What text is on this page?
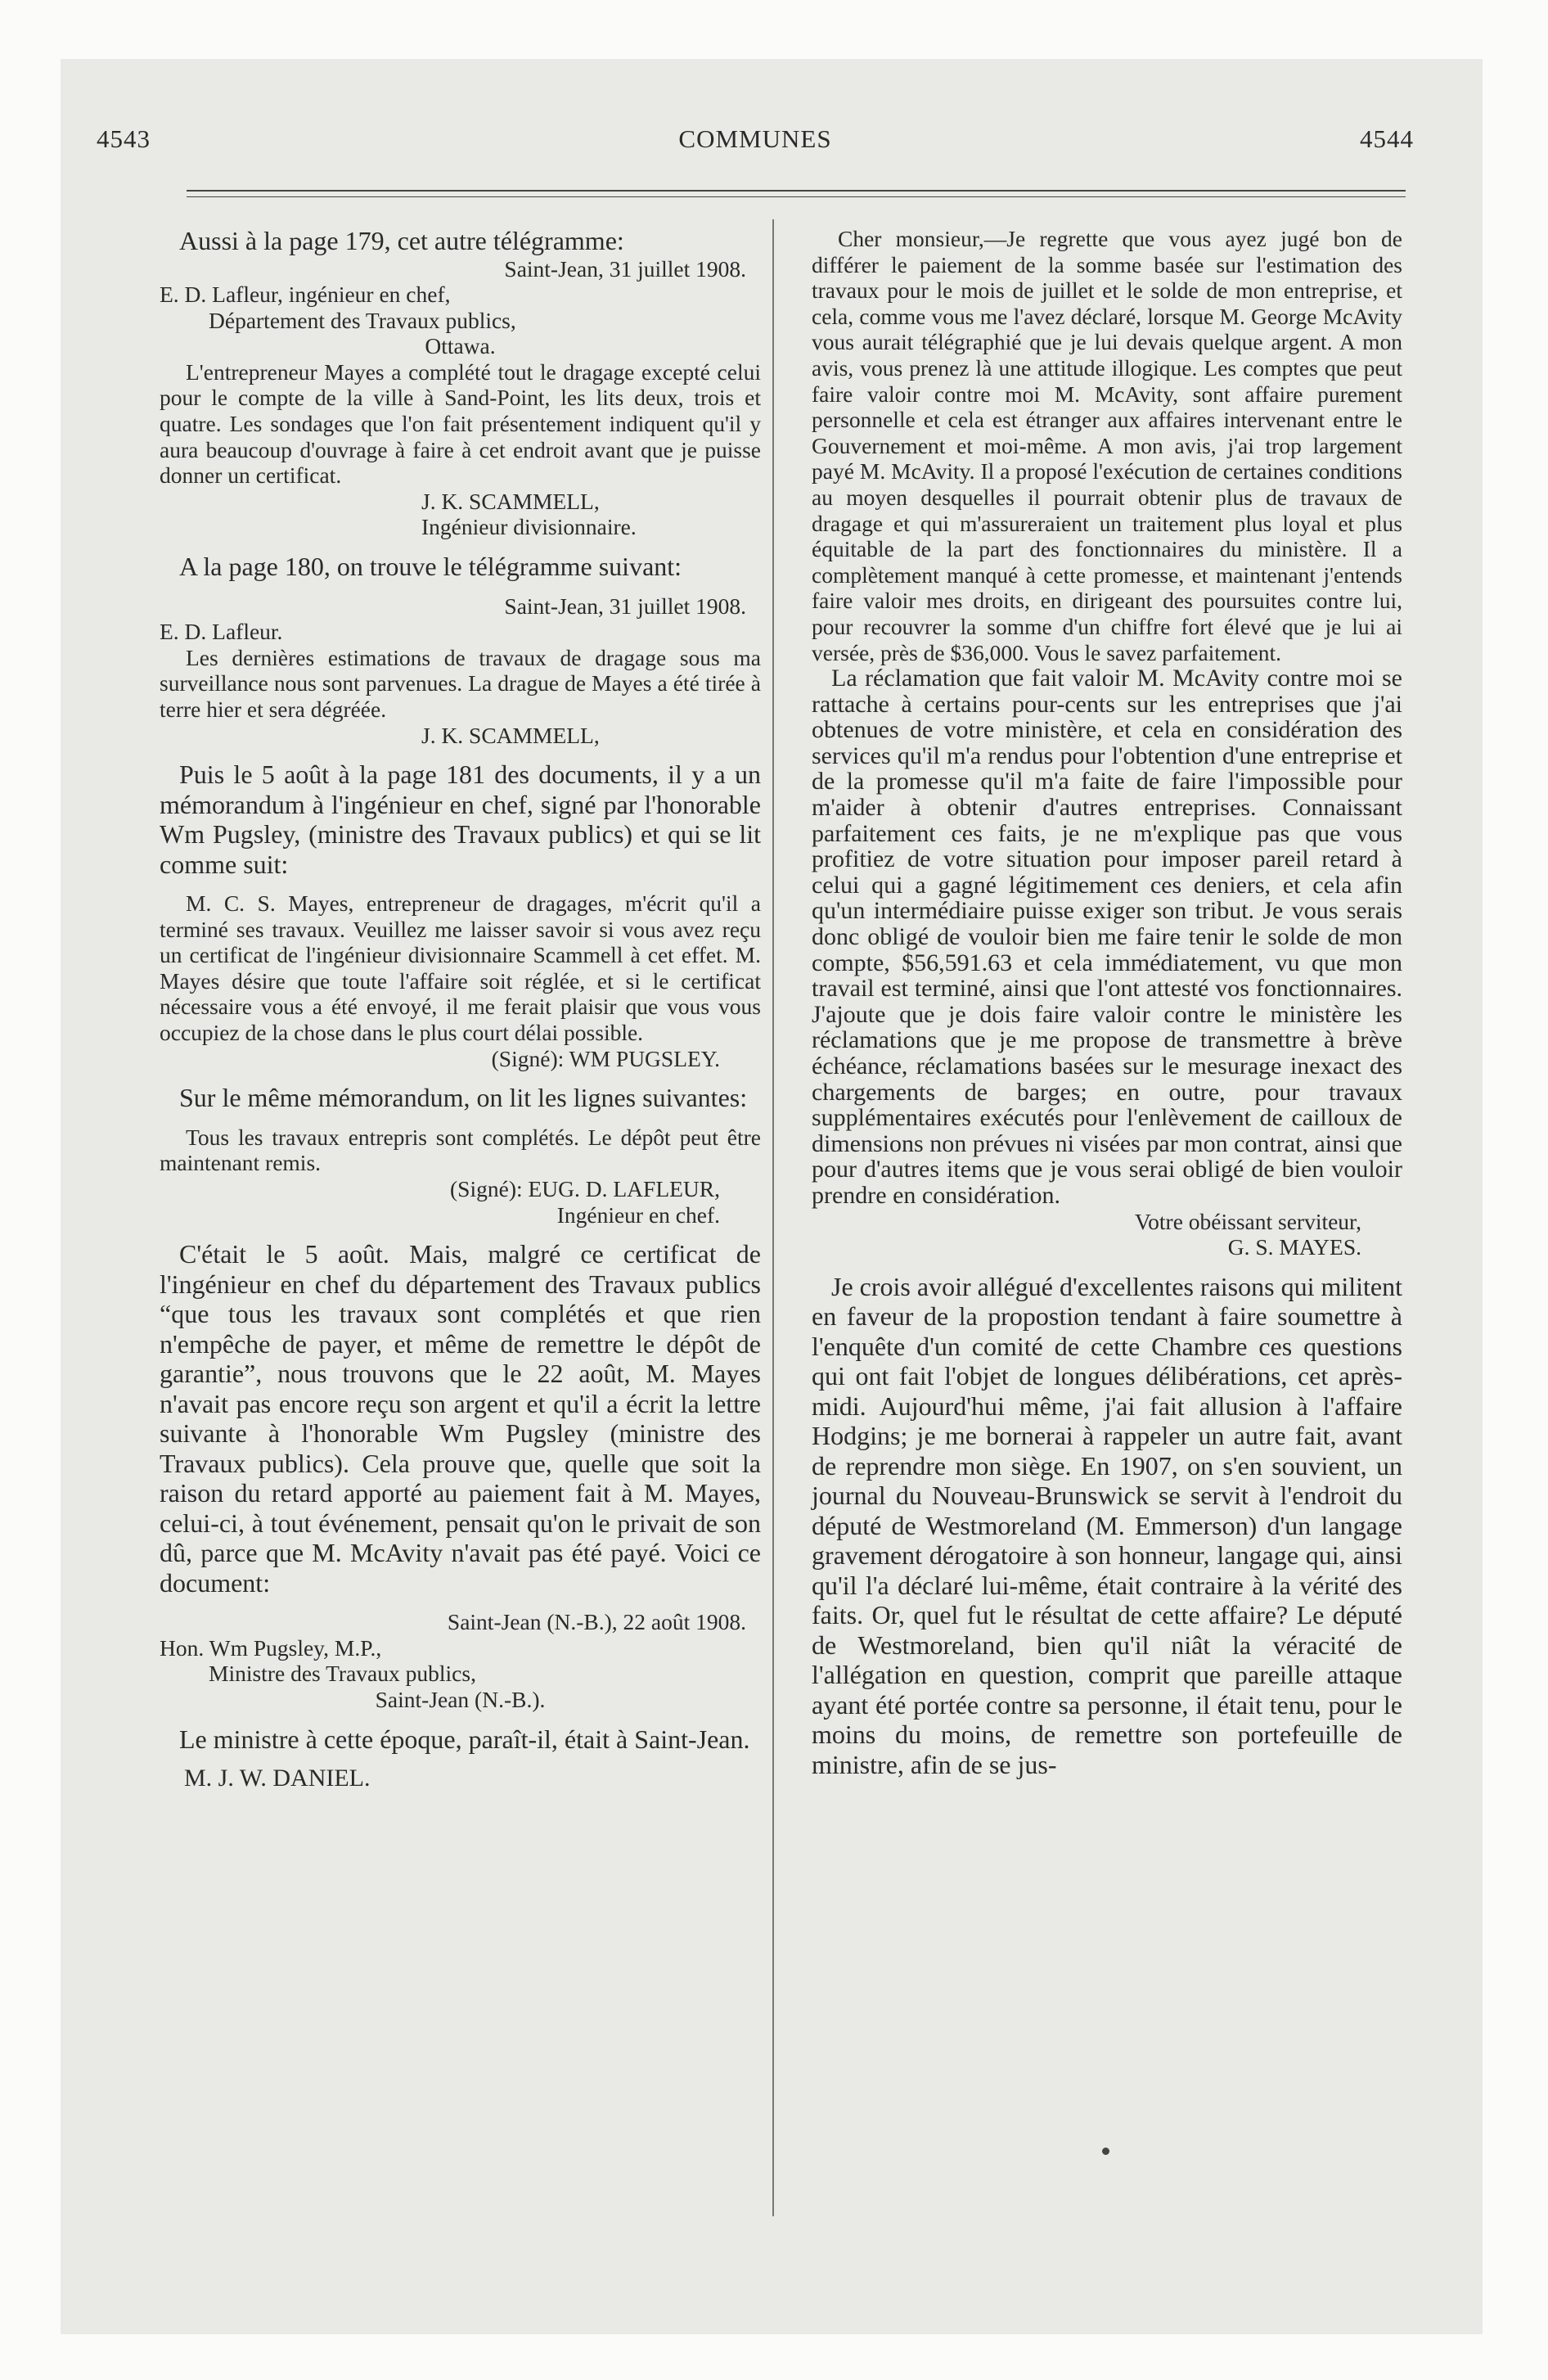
4543	COMMUNES	4544

Aussi à la page 179, cet autre télégramme:

Saint-Jean, 31 juillet 1908.

E. D. Lafleur, ingénieur en chef,

Département des Travaux publics,

Ottawa.

L'entrepreneur Mayes a complété tout le dragage excepté celui pour le compte de la ville à Sand-Point, les lits deux, trois et quatre. Les sondages que l'on fait présentement indiquent qu'il y aura beaucoup d'ouvrage à faire à cet endroit avant que je puisse donner un certificat.

J. K. SCAMMELL,

Ingénieur divisionnaire.

A la page 180, on trouve le télégramme suivant:

Saint-Jean, 31 juillet 1908.

E. D. Lafleur.

Les dernières estimations de travaux de dragage sous ma surveillance nous sont parvenues. La drague de Mayes a été tirée à terre hier et sera dégréée.

J. K. SCAMMELL,

Puis le 5 août à la page 181 des documents, il y a un mémorandum à l'ingénieur en chef, signé par l'honorable Wm Pugsley, (ministre des Travaux publics) et qui se lit comme suit:

M. C. S. Mayes, entrepreneur de dragages, m'écrit qu'il a terminé ses travaux. Veuillez me laisser savoir si vous avez reçu un certificat de l'ingénieur divisionnaire Scammell à cet effet. M. Mayes désire que toute l'affaire soit réglée, et si le certificat nécessaire vous a été envoyé, il me ferait plaisir que vous vous occupiez de la chose dans le plus court délai possible.

(Signé): WM PUGSLEY.

Sur le même mémorandum, on lit les lignes suivantes:

Tous les travaux entrepris sont complétés. Le dépôt peut être maintenant remis.

(Signé): EUG. D. LAFLEUR,

Ingénieur en chef.

C'était le 5 août. Mais, malgré ce certificat de l'ingénieur en chef du département des Travaux publics “que tous les travaux sont complétés et que rien n'empêche de payer, et même de remettre le dépôt de garantie”, nous trouvons que le 22 août, M. Mayes n'avait pas encore reçu son argent et qu'il a écrit la lettre suivante à l'honorable Wm Pugsley (ministre des Travaux publics). Cela prouve que, quelle que soit la raison du retard apporté au paiement fait à M. Mayes, celui-ci, à tout événement, pensait qu'on le privait de son dû, parce que M. McAvity n'avait pas été payé. Voici ce document:

Saint-Jean (N.-B.), 22 août 1908.

Hon. Wm Pugsley, M.P.,

Ministre des Travaux publics,

Saint-Jean (N.-B.).

Le ministre à cette époque, paraît-il, était à Saint-Jean.

M. J. W. DANIEL.

Cher monsieur,—Je regrette que vous ayez jugé bon de différer le paiement de la somme basée sur l'estimation des travaux pour le mois de juillet et le solde de mon entreprise, et cela, comme vous me l'avez déclaré, lorsque M. George McAvity vous aurait télégraphié que je lui devais quelque argent. A mon avis, vous prenez là une attitude illogique. Les comptes que peut faire valoir contre moi M. McAvity, sont affaire purement personnelle et cela est étranger aux affaires intervenant entre le Gouvernement et moi-même. A mon avis, j'ai trop largement payé M. McAvity. Il a proposé l'exécution de certaines conditions au moyen desquelles il pourrait obtenir plus de travaux de dragage et qui m'assureraient un traitement plus loyal et plus équitable de la part des fonctionnaires du ministère. Il a complètement manqué à cette promesse, et maintenant j'entends faire valoir mes droits, en dirigeant des poursuites contre lui, pour recouvrer la somme d'un chiffre fort élevé que je lui ai versée, près de $36,000. Vous le savez parfaitement.

La réclamation que fait valoir M. McAvity contre moi se rattache à certains pour-cents sur les entreprises que j'ai obtenues de votre ministère, et cela en considération des services qu'il m'a rendus pour l'obtention d'une entreprise et de la promesse qu'il m'a faite de faire l'impossible pour m'aider à obtenir d'autres entreprises. Connaissant parfaitement ces faits, je ne m'explique pas que vous profitiez de votre situation pour imposer pareil retard à celui qui a gagné légitimement ces deniers, et cela afin qu'un intermédiaire puisse exiger son tribut. Je vous serais donc obligé de vouloir bien me faire tenir le solde de mon compte, $56,591.63 et cela immédiatement, vu que mon travail est terminé, ainsi que l'ont attesté vos fonctionnaires. J'ajoute que je dois faire valoir contre le ministère les réclamations que je me propose de transmettre à brève échéance, réclamations basées sur le mesurage inexact des chargements de barges; en outre, pour travaux supplémentaires exécutés pour l'enlèvement de cailloux de dimensions non prévues ni visées par mon contrat, ainsi que pour d'autres items que je vous serai obligé de bien vouloir prendre en considération.

Votre obéissant serviteur,

G. S. MAYES.

Je crois avoir allégué d'excellentes raisons qui militent en faveur de la propostion tendant à faire soumettre à l'enquête d'un comité de cette Chambre ces questions qui ont fait l'objet de longues délibérations, cet après-midi. Aujourd'hui même, j'ai fait allusion à l'affaire Hodgins; je me bornerai à rappeler un autre fait, avant de reprendre mon siège. En 1907, on s'en souvient, un journal du Nouveau-Brunswick se servit à l'endroit du député de Westmoreland (M. Emmerson) d'un langage gravement dérogatoire à son honneur, langage qui, ainsi qu'il l'a déclaré lui-même, était contraire à la vérité des faits. Or, quel fut le résultat de cette affaire? Le député de Westmoreland, bien qu'il niât la véracité de l'allégation en question, comprit que pareille attaque ayant été portée contre sa personne, il était tenu, pour le moins du moins, de remettre son portefeuille de ministre, afin de se jus-
